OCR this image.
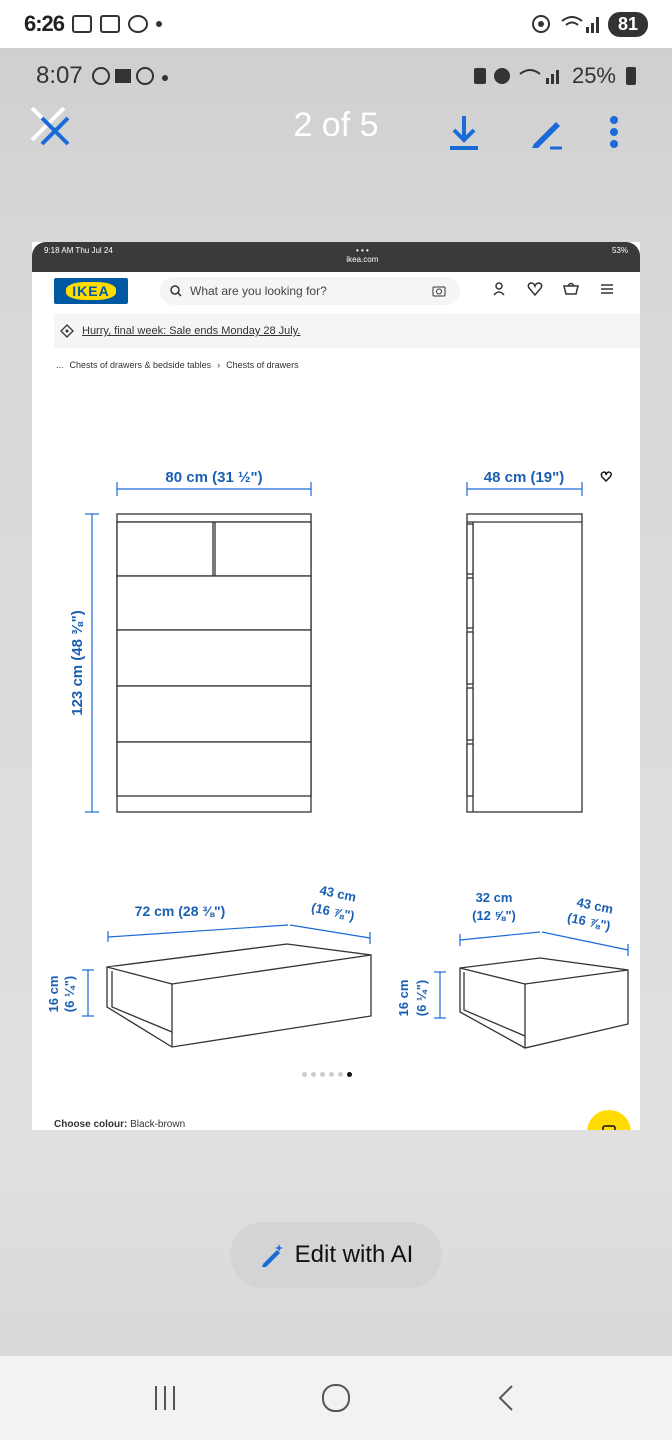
6:26	81
8:07	25%
2 of 5
9:18 AM Thu Jul 24	• • •
ikea.com
53%
IKEA	What are you looking for?
Hurry, final week: Sale ends Monday 28 July.
... Chests of drawers & bedside tables › Chests of drawers
80 cm (31 ½")
123 cm (48 ⅜")
48 cm (19")
72 cm (28 ⅜")
43 cm
(16 ⅞")
16 cm (6 ¼")
32 cm
(12 ⅝")	43 cm
(16 ⅞")
16 cm (6 ¼")
Choose colour: Black-brown
Edit with AI
